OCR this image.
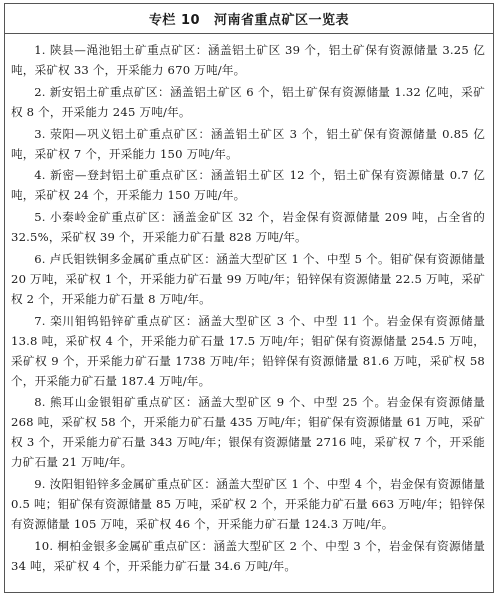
专栏 10 河南省重点矿区一览表

1. 陕县—渑池铝土矿重点矿区：涵盖铝土矿区 39 个，铝土矿保有资源储量 3.25 亿吨，采矿权 33 个，开采能力 670 万吨/年。

2. 新安铝土矿重点矿区：涵盖铝土矿区 6 个，铝土矿保有资源储量 1.32 亿吨，采矿权 8 个，开采能力 245 万吨/年。

3. 荥阳—巩义铝土矿重点矿区：涵盖铝土矿区 3 个，铝土矿保有资源储量 0.85 亿吨，采矿权 7 个，开采能力 150 万吨/年。

4. 新密—登封铝土矿重点矿区：涵盖铝土矿区 12 个，铝土矿保有资源储量 0.7 亿吨，采矿权 24 个，开采能力 150 万吨/年。

5. 小秦岭金矿重点矿区：涵盖金矿区 32 个，岩金保有资源储量 209 吨，占全省的 32.5%，采矿权 39 个，开采能力矿石量 828 万吨/年。

6. 卢氏钼铁铜多金属矿重点矿区：涵盖大型矿区 1 个、中型 5 个。钼矿保有资源储量 20 万吨，采矿权 1 个，开采能力矿石量 99 万吨/年；铅锌保有资源储量 22.5 万吨，采矿权 2 个，开采能力矿石量 8 万吨/年。

7. 栾川钼钨铅锌矿重点矿区：涵盖大型矿区 3 个、中型 11 个。岩金保有资源储量 13.8 吨，采矿权 4 个，开采能力矿石量 17.5 万吨/年；钼矿保有资源储量 254.5 万吨，采矿权 9 个，开采能力矿石量 1738 万吨/年；铅锌保有资源储量 81.6 万吨，采矿权 58 个，开采能力矿石量 187.4 万吨/年。

8. 熊耳山金银钼矿重点矿区：涵盖大型矿区 9 个、中型 25 个。岩金保有资源储量 268 吨，采矿权 58 个，开采能力矿石量 435 万吨/年；钼矿保有资源储量 61 万吨，采矿权 3 个，开采能力矿石量 343 万吨/年；银保有资源储量 2716 吨，采矿权 7 个，开采能力矿石量 21 万吨/年。

9. 汝阳钼铅锌多金属矿重点矿区：涵盖大型矿区 1 个、中型 4 个，岩金保有资源储量 0.5 吨；钼矿保有资源储量 85 万吨，采矿权 2 个，开采能力矿石量 663 万吨/年；铅锌保有资源储量 105 万吨，采矿权 46 个，开采能力矿石量 124.3 万吨/年。

10. 桐柏金银多金属矿重点矿区：涵盖大型矿区 2 个、中型 3 个，岩金保有资源储量 34 吨，采矿权 4 个，开采能力矿石量 34.6 万吨/年。
